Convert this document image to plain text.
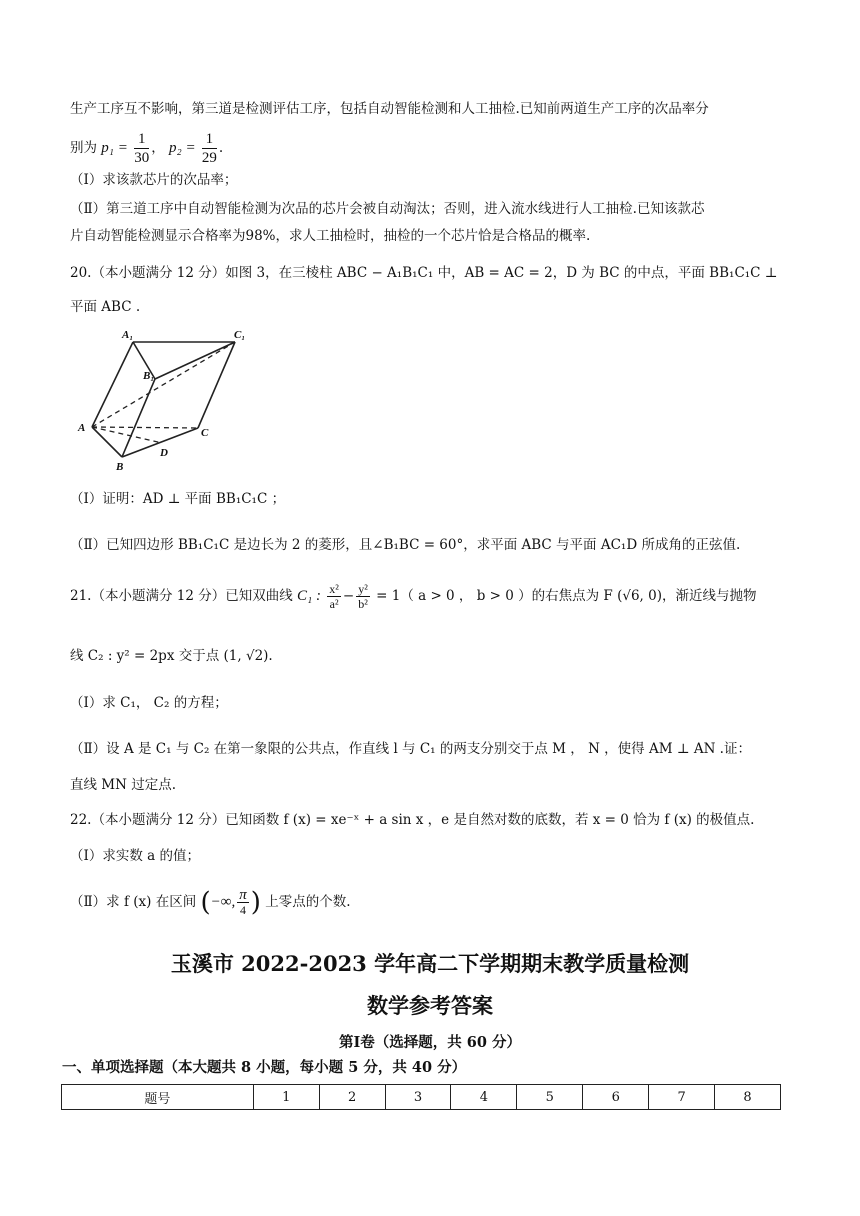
生产工序互不影响，第三道是检测评估工序，包括自动智能检测和人工抽检.已知前两道生产工序的次品率分
别为 $p_1 = \frac{1}{30}$ ， $p_2 = \frac{1}{29}$ .
（Ⅰ）求该款芯片的次品率；
（Ⅱ）第三道工序中自动智能检测为次品的芯片会被自动淘汰；否则，进入流水线进行人工抽检.已知该款芯
片自动智能检测显示合格率为98%，求人工抽检时，抽检的一个芯片恰是合格品的概率.
20.（本小题满分 12 分）如图 3，在三棱柱 ABC − A₁B₁C₁ 中，AB = AC = 2，D 为 BC 的中点，平面 BB₁C₁C ⊥
平面 ABC .
A₁	C₁
B₁
A	C
B
D
（Ⅰ）证明：AD ⊥ 平面 BB₁C₁C ；
（Ⅱ）已知四边形 BB₁C₁C 是边长为 2 的菱形，且∠B₁BC = 60°，求平面 ABC 与平面 AC₁D 所成角的正弦值.
21.（本小题满分 12 分）已知双曲线 C₁ : $\frac{\text{x²}}{\text{a²}} - \frac{\text{y²}}{\text{b²}} = 1$（ a > 0 ， b > 0 ）的右焦点为 F (√6, 0)，渐近线与抛物
线 C₂ : y² = 2px 交于点 (1, √2).
（Ⅰ）求 C₁， C₂ 的方程；
（Ⅱ）设 A 是 C₁ 与 C₂ 在第一象限的公共点，作直线 l 与 C₁ 的两支分别交于点 M ， N ，使得 AM ⊥ AN .证：
直线 MN 过定点.
22.（本小题满分 12 分）已知函数 f (x) = xe⁻ˣ + a sin x ，e 是自然对数的底数，若 x = 0 恰为 f (x) 的极值点.
（Ⅰ）求实数 a 的值；
（Ⅱ）求 f (x) 在区间 (−∞, $\frac{\pi}{4}$ ) 上零点的个数.
玉溪市 2022-2023 学年高二下学期期末教学质量检测
数学参考答案
第Ⅰ卷（选择题，共 60 分）
一、单项选择题（本大题共 8 小题，每小题 5 分，共 40 分）
题号	1	2	3	4	5	6	7	8
